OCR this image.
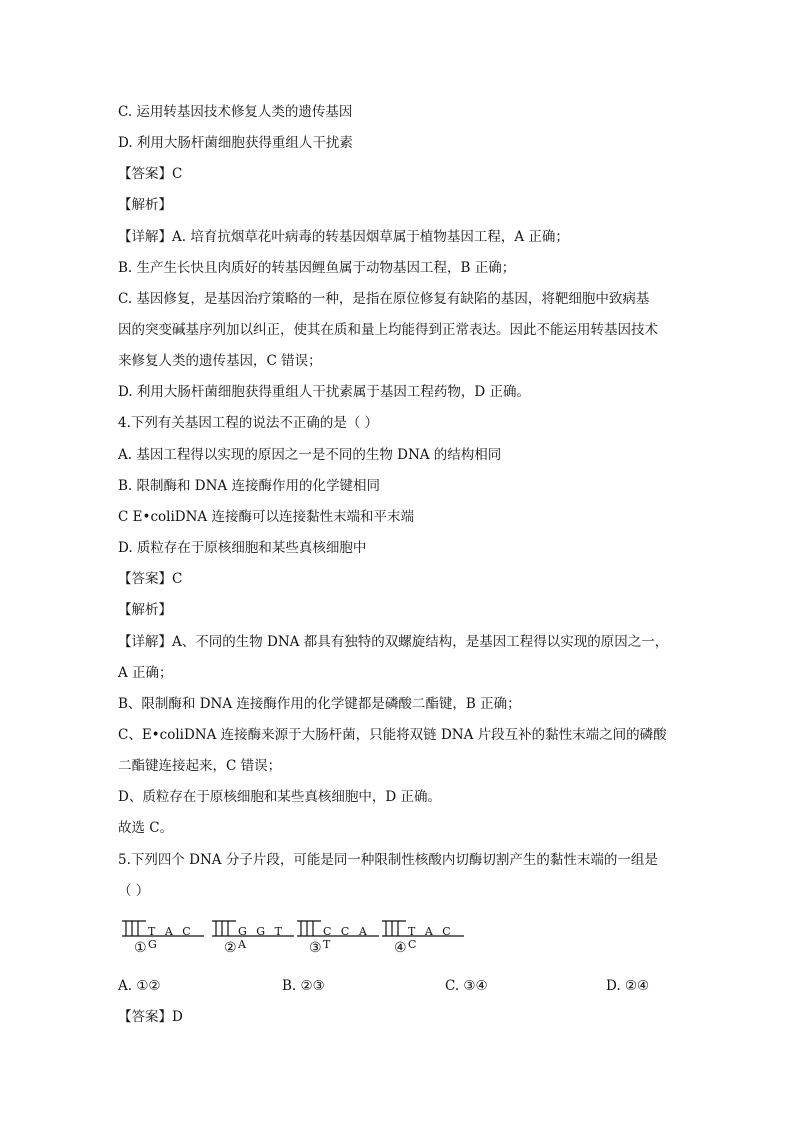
C. 运用转基因技术修复人类的遗传基因
D. 利用大肠杆菌细胞获得重组人干扰素
【答案】C
【解析】
【详解】A. 培育抗烟草花叶病毒的转基因烟草属于植物基因工程，A 正确；
B. 生产生长快且肉质好的转基因鲤鱼属于动物基因工程，B 正确；
C. 基因修复，是基因治疗策略的一种，是指在原位修复有缺陷的基因，将靶细胞中致病基
因的突变碱基序列加以纠正，使其在质和量上均能得到正常表达。因此不能运用转基因技术
来修复人类的遗传基因，C 错误；
D. 利用大肠杆菌细胞获得重组人干扰素属于基因工程药物，D 正确。
4.下列有关基因工程的说法不正确的是（ ）
A. 基因工程得以实现的原因之一是不同的生物 DNA 的结构相同
B. 限制酶和 DNA 连接酶作用的化学键相同
C E•coliDNA 连接酶可以连接黏性末端和平末端
D. 质粒存在于原核细胞和某些真核细胞中
【答案】C
【解析】
【详解】A、不同的生物 DNA 都具有独特的双螺旋结构，是基因工程得以实现的原因之一，
A 正确；
B、限制酶和 DNA 连接酶作用的化学键都是磷酸二酯键，B 正确；
C、E•coliDNA 连接酶来源于大肠杆菌，只能将双链 DNA 片段互补的黏性末端之间的磷酸
二酯键连接起来，C 错误；
D、质粒存在于原核细胞和某些真核细胞中，D 正确。
故选 C。
5.下列四个 DNA 分子片段，可能是同一种限制性核酸内切酶切割产生的黏性末端的一组是
（ ）
T A C G
①
G G T A
②
C C A T
③
T A C C
④
A. ①②	B. ②③	C. ③④	D. ②④
【答案】D
